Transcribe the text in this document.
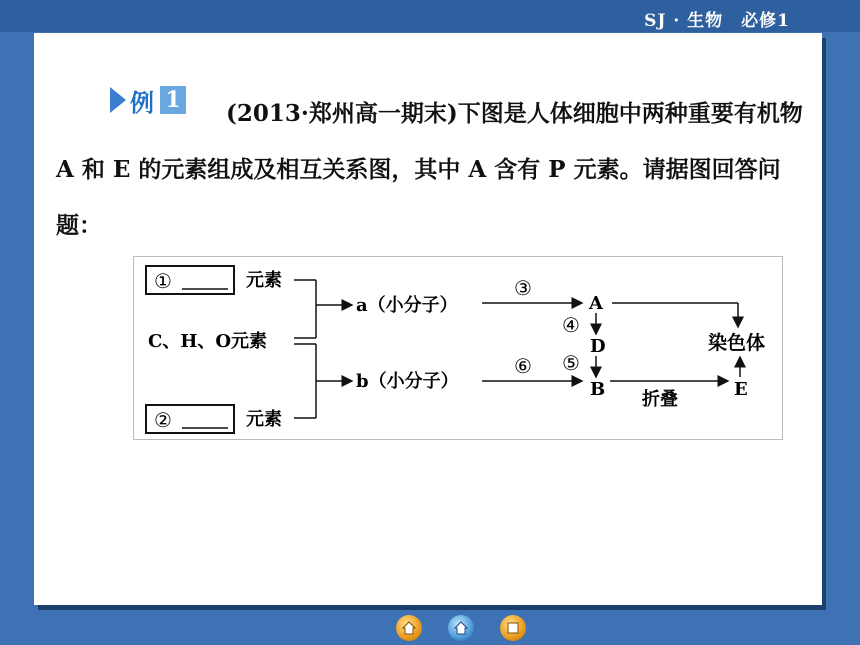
SJ · 生物　必修1
例 1	(2013·郑州高一期末)下图是人体细胞中两种重要有机物 A 和 E 的元素组成及相互关系图，其中 A 含有 P 元素。请据图回答问题：

①	元素
②	元素
C、H、O元素
a（小分子）
b（小分子）
③
⑥
A
D
B
④
⑤
染色体
E
折叠
